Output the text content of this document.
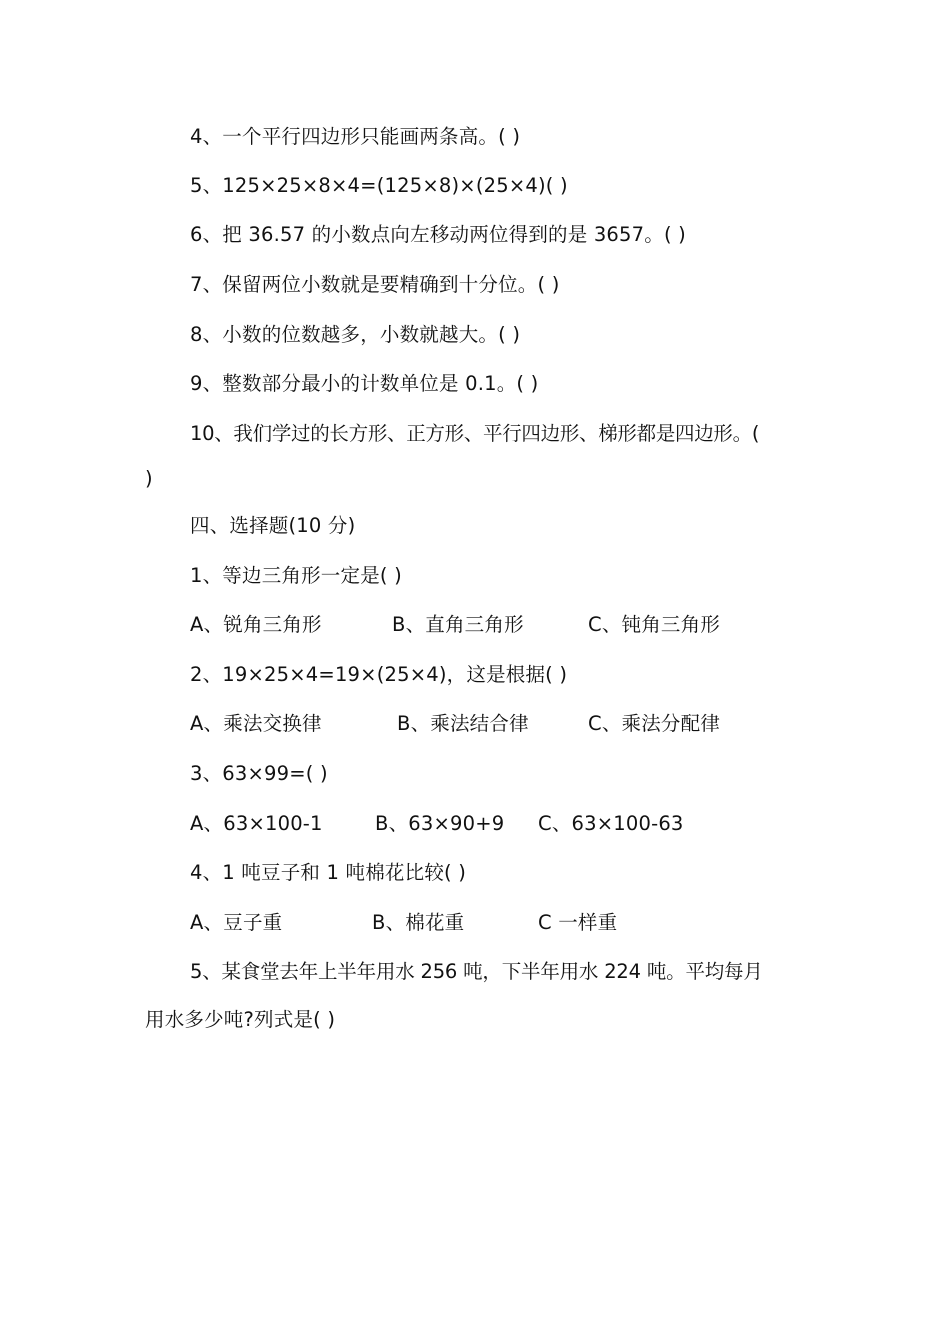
4、一个平行四边形只能画两条高。( )
5、125×25×8×4=(125×8)×(25×4)( )
6、把 36.57 的小数点向左移动两位得到的是 3657。( )
7、保留两位小数就是要精确到十分位。( )
8、小数的位数越多，小数就越大。( )
9、整数部分最小的计数单位是 0.1。( )
10、我们学过的长方形、正方形、平行四边形、梯形都是四边形。(
)
四、选择题(10 分)
1、等边三角形一定是( )
A、锐角三角形	B、直角三角形	C、钝角三角形
2、19×25×4=19×(25×4)，这是根据( )
A、乘法交换律	B、乘法结合律	C、乘法分配律
3、63×99=( )
A、63×100-1	B、63×90+9 C、63×100-63
4、1 吨豆子和 1 吨棉花比较( )
A、豆子重	B、棉花重	C 一样重
5、某食堂去年上半年用水 256 吨，下半年用水 224 吨。平均每月
用水多少吨?列式是( )
